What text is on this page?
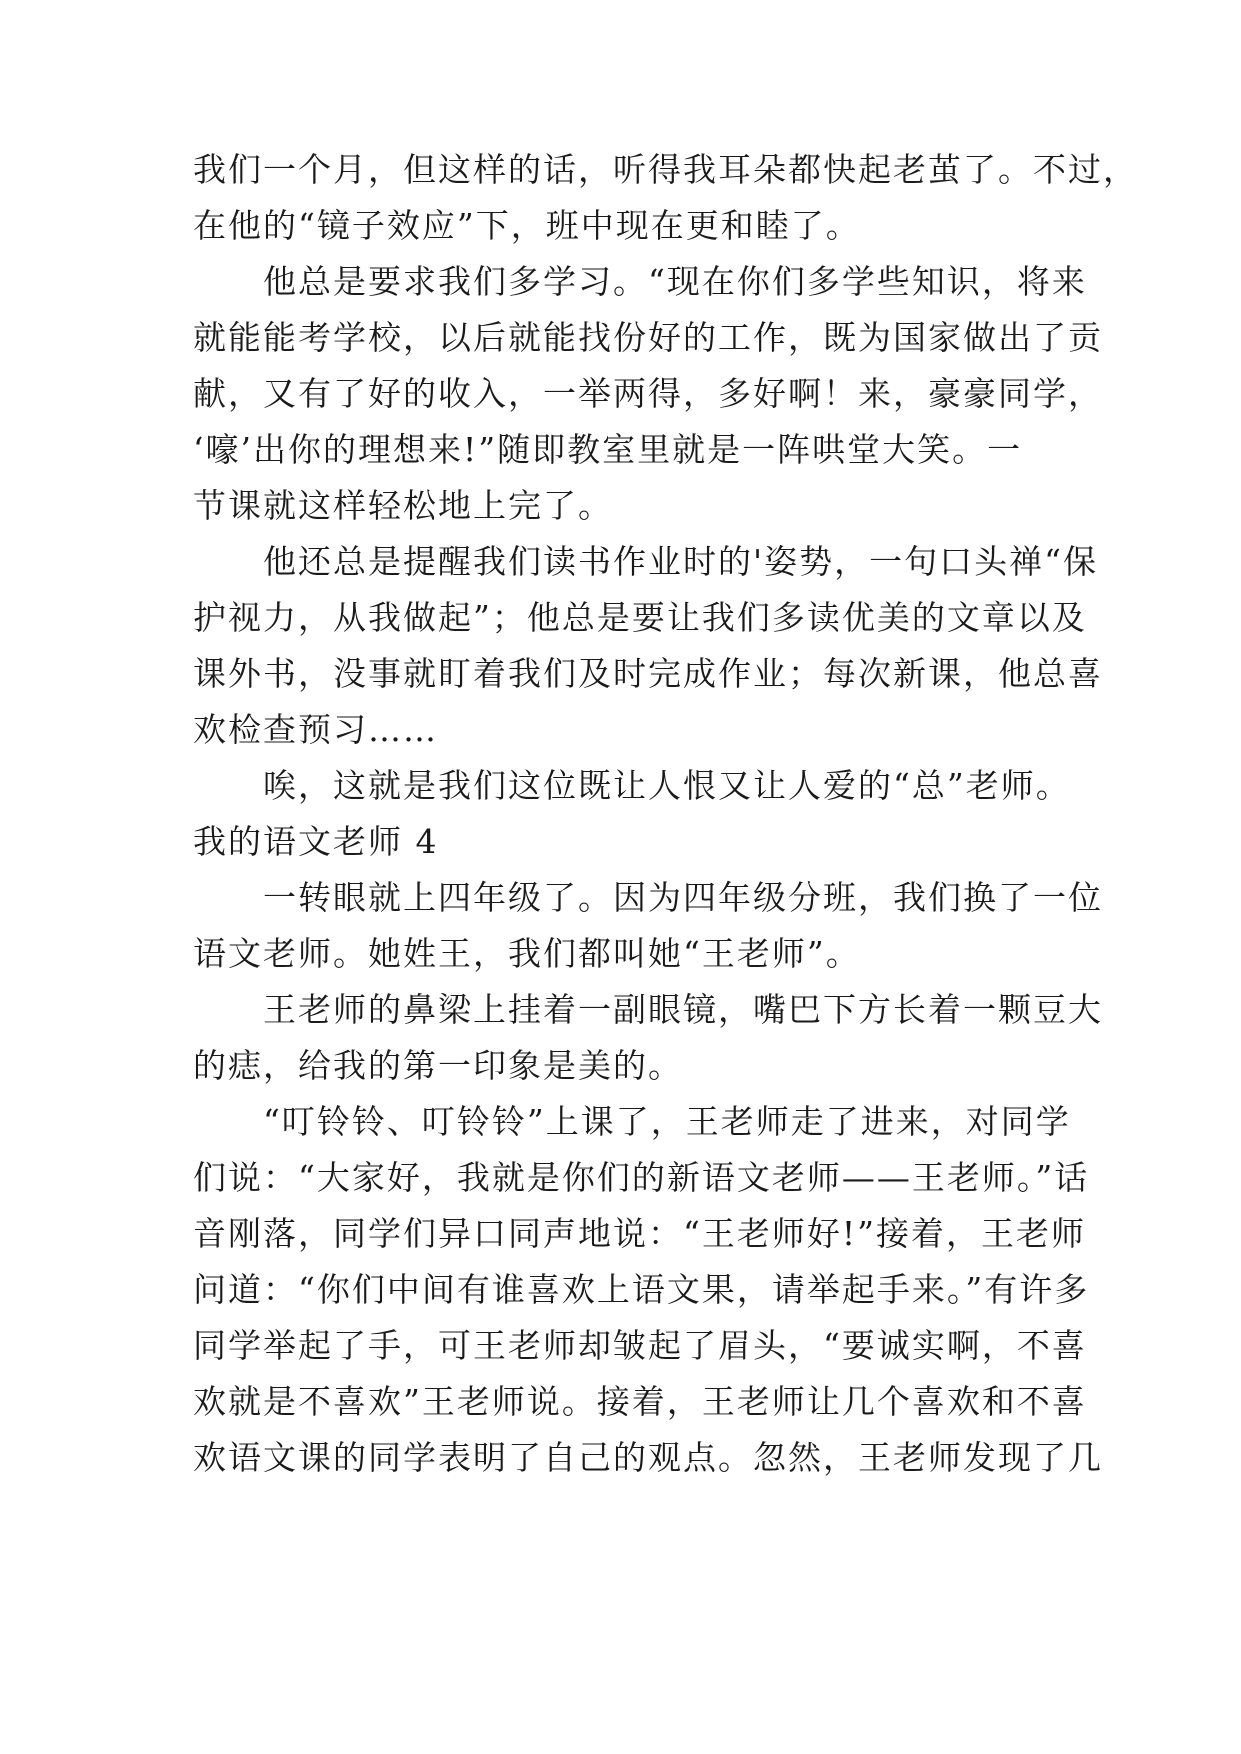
我们一个月，但这样的话，听得我耳朵都快起老茧了。不过，
在他的“镜子效应”下，班中现在更和睦了。
　　他总是要求我们多学习。“现在你们多学些知识，将来
就能能考学校，以后就能找份好的工作，既为国家做出了贡
献，又有了好的收入，一举两得，多好啊！来，豪豪同学，
‘嚎’出你的理想来!”随即教室里就是一阵哄堂大笑。一
节课就这样轻松地上完了。
　　他还总是提醒我们读书作业时的'姿势，一句口头禅“保
护视力，从我做起”；他总是要让我们多读优美的文章以及
课外书，没事就盯着我们及时完成作业；每次新课，他总喜
欢检查预习……
　　唉，这就是我们这位既让人恨又让人爱的“总”老师。
我的语文老师 4
　　一转眼就上四年级了。因为四年级分班，我们换了一位
语文老师。她姓王，我们都叫她“王老师”。
　　王老师的鼻梁上挂着一副眼镜，嘴巴下方长着一颗豆大
的痣，给我的第一印象是美的。
　　“叮铃铃、叮铃铃”上课了，王老师走了进来，对同学
们说：“大家好，我就是你们的新语文老师——王老师。”话
音刚落，同学们异口同声地说：“王老师好!”接着，王老师
问道：“你们中间有谁喜欢上语文果，请举起手来。”有许多
同学举起了手，可王老师却皱起了眉头，“要诚实啊，不喜
欢就是不喜欢”王老师说。接着，王老师让几个喜欢和不喜
欢语文课的同学表明了自己的观点。忽然，王老师发现了几
